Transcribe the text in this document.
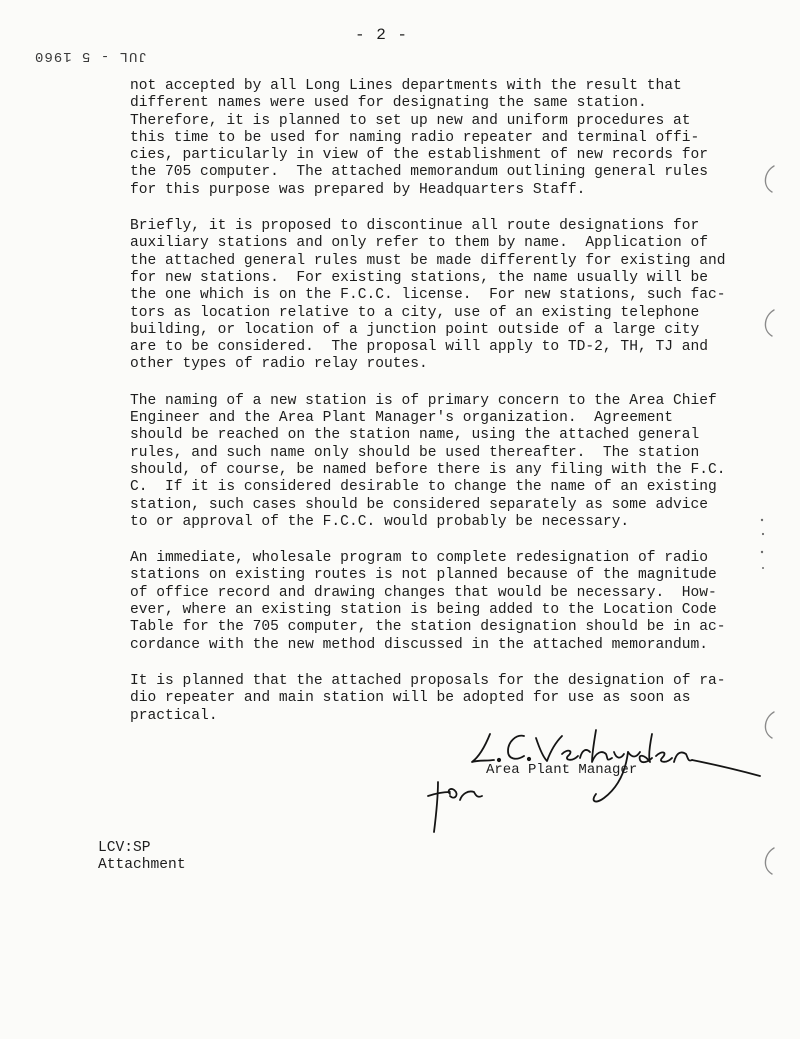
- 2 -
JUL - 5 1960

not accepted by all Long Lines departments with the result that
different names were used for designating the same station.
Therefore, it is planned to set up new and uniform procedures at
this time to be used for naming radio repeater and terminal offi-
cies, particularly in view of the establishment of new records for
the 705 computer.  The attached memorandum outlining general rules
for this purpose was prepared by Headquarters Staff.

Briefly, it is proposed to discontinue all route designations for
auxiliary stations and only refer to them by name.  Application of
the attached general rules must be made differently for existing and
for new stations.  For existing stations, the name usually will be
the one which is on the F.C.C. license.  For new stations, such fac-
tors as location relative to a city, use of an existing telephone
building, or location of a junction point outside of a large city
are to be considered.  The proposal will apply to TD-2, TH, TJ and
other types of radio relay routes.

The naming of a new station is of primary concern to the Area Chief
Engineer and the Area Plant Manager's organization.  Agreement
should be reached on the station name, using the attached general
rules, and such name only should be used thereafter.  The station
should, of course, be named before there is any filing with the F.C.
C.  If it is considered desirable to change the name of an existing
station, such cases should be considered separately as some advice
to or approval of the F.C.C. would probably be necessary.

An immediate, wholesale program to complete redesignation of radio
stations on existing routes is not planned because of the magnitude
of office record and drawing changes that would be necessary.  How-
ever, where an existing station is being added to the Location Code
Table for the 705 computer, the station designation should be in ac-
cordance with the new method discussed in the attached memorandum.

It is planned that the attached proposals for the designation of ra-
dio repeater and main station will be adopted for use as soon as
practical.

Area Plant Manager
LCV:SP
Attachment
